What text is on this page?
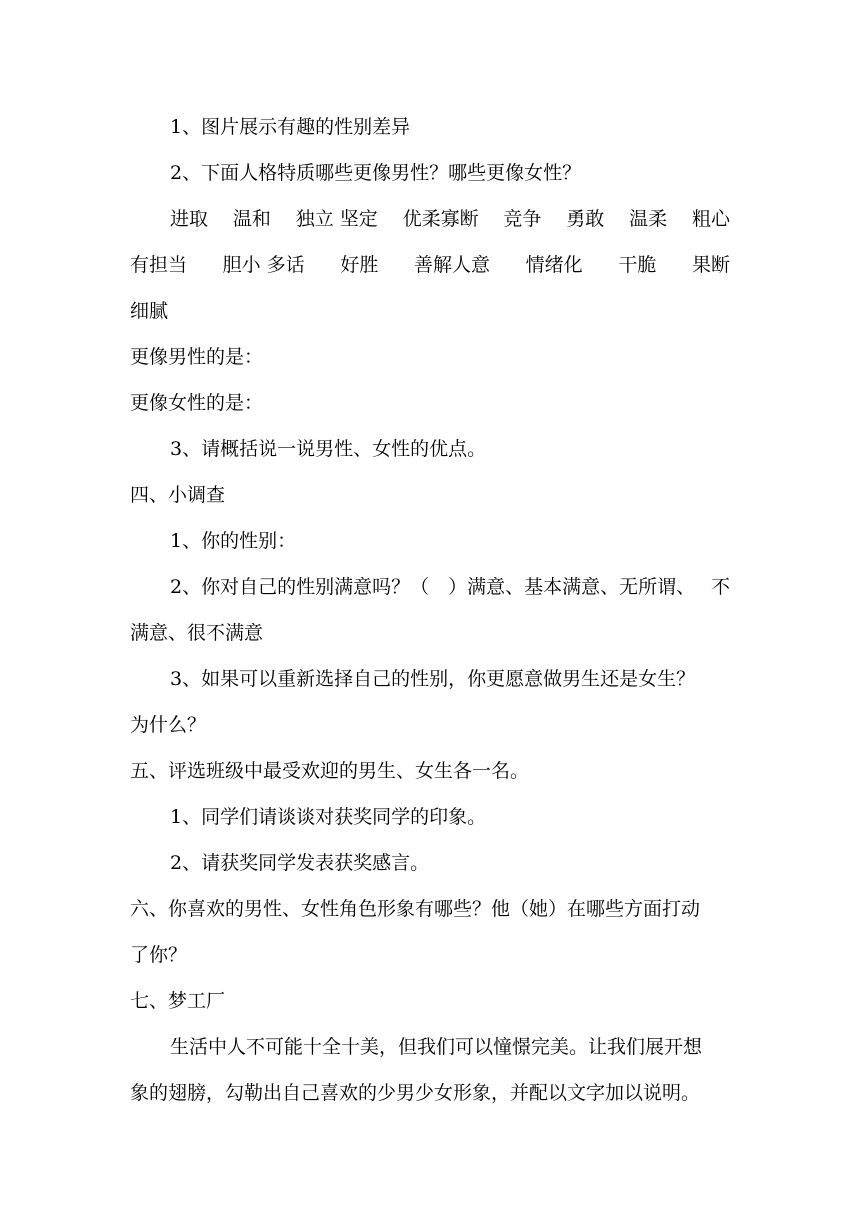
1、图片展示有趣的性别差异
2、下面人格特质哪些更像男性？哪些更像女性？
进取 温和 独立 坚定 优柔寡断 竞争 勇敢 温柔 粗心
有担当 胆小 多话 好胜 善解人意 情绪化 干脆 果断
细腻
更像男性的是：
更像女性的是：
3、请概括说一说男性、女性的优点。
四、小调查
1、你的性别：
2、你对自己的性别满意吗？（　）满意、基本满意、无所谓、 不
满意、很不满意
3、如果可以重新选择自己的性别，你更愿意做男生还是女生？
为什么？
五、评选班级中最受欢迎的男生、女生各一名。
1、同学们请谈谈对获奖同学的印象。
2、请获奖同学发表获奖感言。
六、你喜欢的男性、女性角色形象有哪些？他（她）在哪些方面打动
了你？
七、梦工厂
生活中人不可能十全十美，但我们可以憧憬完美。让我们展开想
象的翅膀，勾勒出自己喜欢的少男少女形象，并配以文字加以说明。
